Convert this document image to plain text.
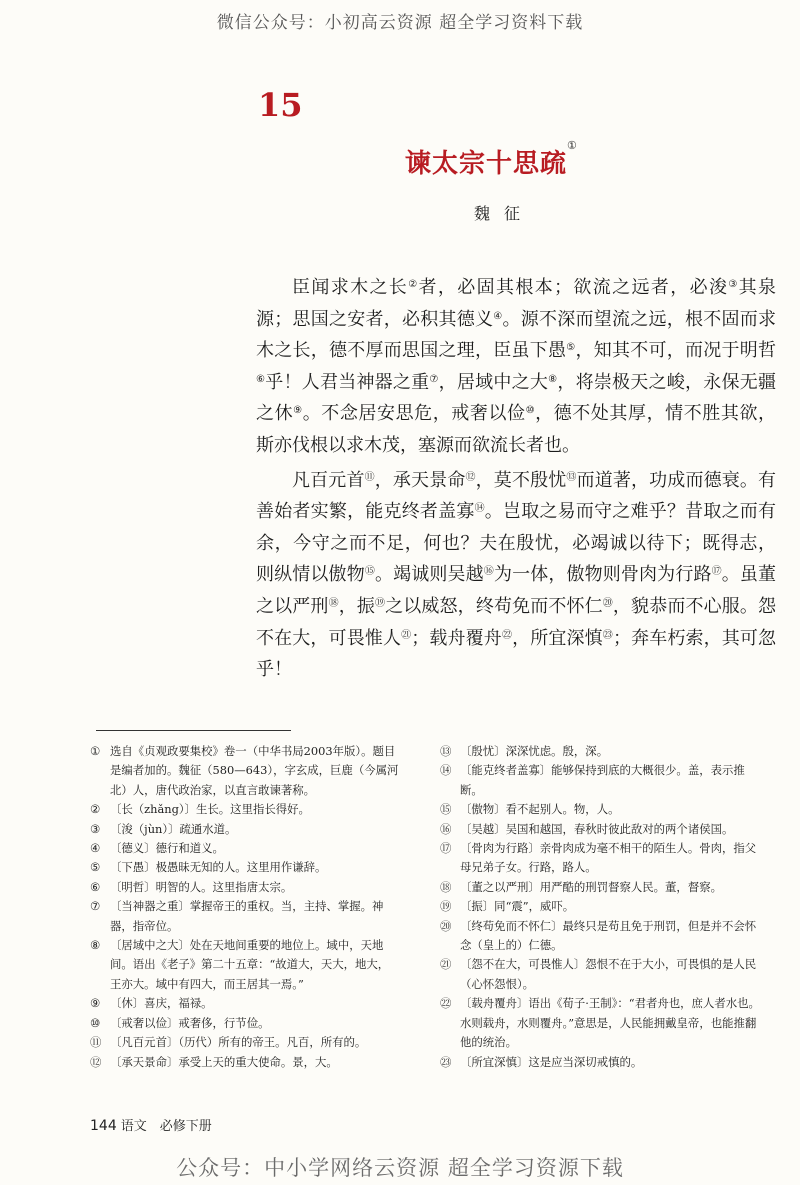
微信公众号：小初高云资源 超全学习资料下载
15
谏太宗十思疏①
魏征

臣闻求木之长②者，必固其根本；欲流之远者，必浚③其泉源；思国之安者，必积其德义④。源不深而望流之远，根不固而求木之长，德不厚而思国之理，臣虽下愚⑤，知其不可，而况于明哲⑥乎！人君当神器之重⑦，居域中之大⑧，将崇极天之峻，永保无疆之休⑨。不念居安思危，戒奢以俭⑩，德不处其厚，情不胜其欲，斯亦伐根以求木茂，塞源而欲流长者也。

凡百元首⑪，承天景命⑫，莫不殷忧⑬而道著，功成而德衰。有善始者实繁，能克终者盖寡⑭。岂取之易而守之难乎？昔取之而有余，今守之而不足，何也？夫在殷忧，必竭诚以待下；既得志，则纵情以傲物⑮。竭诚则吴越⑯为一体，傲物则骨肉为行路⑰。虽董之以严刑⑱，振⑲之以威怒，终苟免而不怀仁⑳，貌恭而不心服。怨不在大，可畏惟人$^㉑$；载舟覆舟$^㉒$，所宜深慎$^㉓$；奔车朽索，其可忽乎！

① 选自《贞观政要集校》卷一（中华书局2003年版）。题目是编者加的。魏征（580—643），字玄成，巨鹿（今属河北）人，唐代政治家，以直言敢谏著称。
② 〔长（zhǎng）〕生长。这里指长得好。
③ 〔浚（jùn）〕疏通水道。
④ 〔德义〕德行和道义。
⑤ 〔下愚〕极愚昧无知的人。这里用作谦辞。
⑥ 〔明哲〕明智的人。这里指唐太宗。
⑦ 〔当神器之重〕掌握帝王的重权。当，主持、掌握。神器，指帝位。
⑧ 〔居域中之大〕处在天地间重要的地位上。域中，天地间。语出《老子》第二十五章：“故道大，天大，地大，王亦大。域中有四大，而王居其一焉。”
⑨ 〔休〕喜庆，福禄。
⑩ 〔戒奢以俭〕戒奢侈，行节俭。
⑪ 〔凡百元首〕（历代）所有的帝王。凡百，所有的。
⑫ 〔承天景命〕承受上天的重大使命。景，大。
⑬ 〔殷忧〕深深忧虑。殷，深。
⑭ 〔能克终者盖寡〕能够保持到底的大概很少。盖，表示推断。
⑮ 〔傲物〕看不起别人。物，人。
⑯ 〔吴越〕吴国和越国，春秋时彼此敌对的两个诸侯国。
⑰ 〔骨肉为行路〕亲骨肉成为毫不相干的陌生人。骨肉，指父母兄弟子女。行路，路人。
⑱ 〔董之以严刑〕用严酷的刑罚督察人民。董，督察。
⑲ 〔振〕同“震”，威吓。
⑳ 〔终苟免而不怀仁〕最终只是苟且免于刑罚，但是并不会怀念（皇上的）仁德。
㉑ 〔怨不在大，可畏惟人〕怨恨不在于大小，可畏惧的是人民（心怀怨恨）。
㉒ 〔载舟覆舟〕语出《荀子·王制》：“君者舟也，庶人者水也。水则载舟，水则覆舟。”意思是，人民能拥戴皇帝，也能推翻他的统治。
㉓ 〔所宜深慎〕这是应当深切戒慎的。
144 语文　必修下册
公众号：中小学网络云资源 超全学习资源下载
